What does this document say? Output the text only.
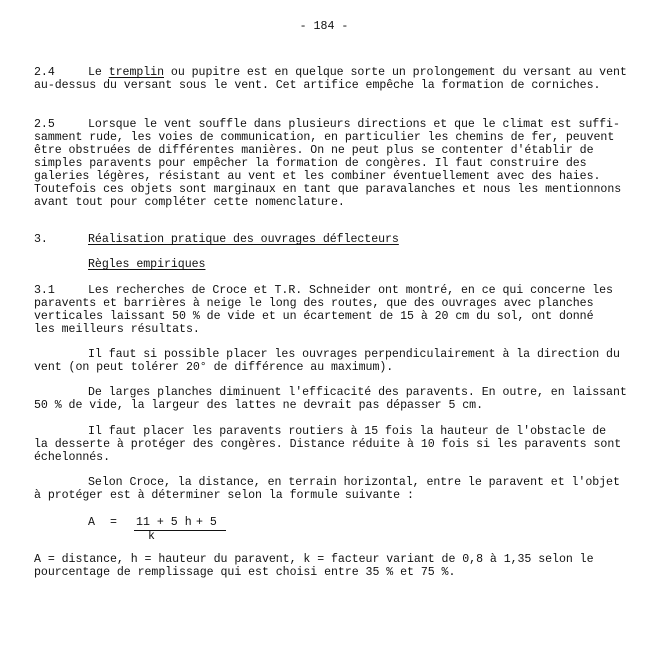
- 184 -
2.4	Le tremplin ou pupitre est en quelque sorte un prolongement du versant au vent
au-dessus du versant sous le vent. Cet artifice empêche la formation de corniches.
2.5	Lorsque le vent souffle dans plusieurs directions et que le climat est suffi-
samment rude, les voies de communication, en particulier les chemins de fer, peuvent
être obstruées de différentes manières. On ne peut plus se contenter d'établir de
simples paravents pour empêcher la formation de congères. Il faut construire des
galeries légères, résistant au vent et les combiner éventuellement avec des haies.
Toutefois ces objets sont marginaux en tant que paravalanches et nous les mentionnons
avant tout pour compléter cette nomenclature.
3.	Réalisation pratique des ouvrages déflecteurs
Règles empiriques
3.1	Les recherches de Croce et T.R. Schneider ont montré, en ce qui concerne les
paravents et barrières à neige le long des routes, que des ouvrages avec planches
verticales laissant 50 % de vide et un écartement de 15 à 20 cm du sol, ont donné
les meilleurs résultats.
Il faut si possible placer les ouvrages perpendiculairement à la direction du
vent (on peut tolérer 20° de différence au maximum).
De larges planches diminuent l'efficacité des paravents. En outre, en laissant
50 % de vide, la largeur des lattes ne devrait pas dépasser 5 cm.
Il faut placer les paravents routiers à 15 fois la hauteur de l'obstacle de
la desserte à protéger des congères. Distance réduite à 10 fois si les paravents sont
échelonnés.
Selon Croce, la distance, en terrain horizontal, entre le paravent et l'objet
à protéger est à déterminer selon la formule suivante :
A = 11 + 5 h
k
+ 5
A = distance, h = hauteur du paravent, k = facteur variant de 0,8 à 1,35 selon le
pourcentage de remplissage qui est choisi entre 35 % et 75 %.
